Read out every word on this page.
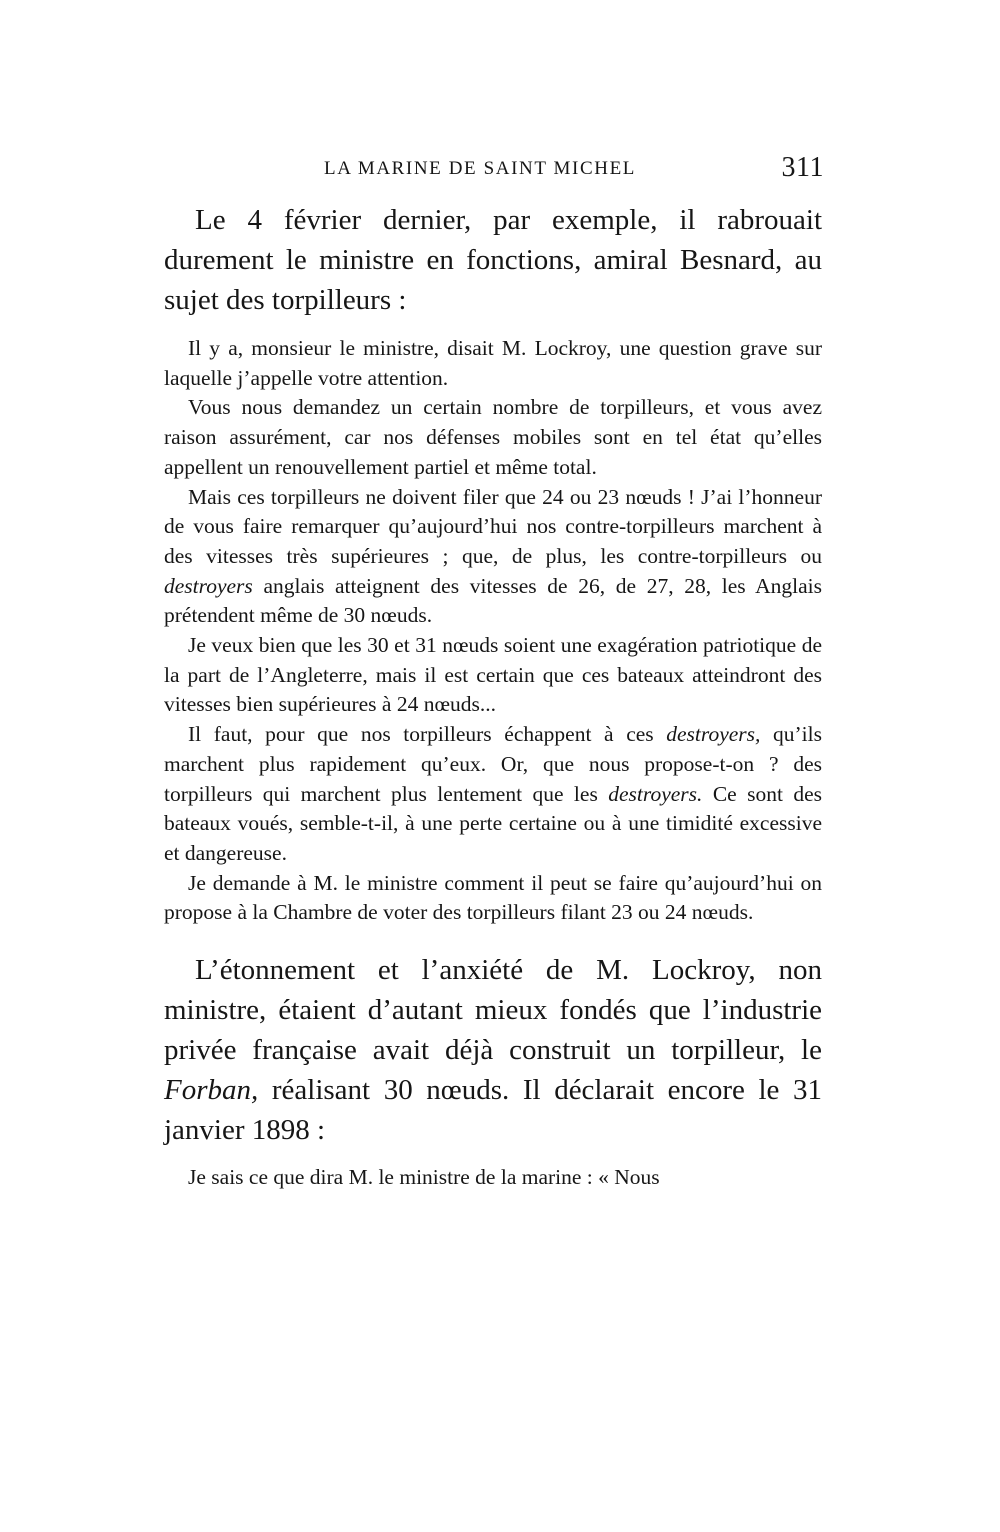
LA MARINE DE SAINT MICHEL	311

Le 4 février dernier, par exemple, il rabrouait durement le ministre en fonctions, amiral Besnard, au sujet des torpilleurs :

Il y a, monsieur le ministre, disait M. Lockroy, une question grave sur laquelle j’appelle votre attention.

Vous nous demandez un certain nombre de torpilleurs, et vous avez raison assurément, car nos défenses mobiles sont en tel état qu’elles appellent un renouvellement partiel et même total.

Mais ces torpilleurs ne doivent filer que 24 ou 23 nœuds ! J’ai l’honneur de vous faire remarquer qu’aujourd’hui nos contre-torpilleurs marchent à des vitesses très supérieures ; que, de plus, les contre-torpilleurs ou destroyers anglais atteignent des vitesses de 26, de 27, 28, les Anglais prétendent même de 30 nœuds.

Je veux bien que les 30 et 31 nœuds soient une exagération patriotique de la part de l’Angleterre, mais il est certain que ces bateaux atteindront des vitesses bien supérieures à 24 nœuds...

Il faut, pour que nos torpilleurs échappent à ces destroyers, qu’ils marchent plus rapidement qu’eux. Or, que nous propose-t-on ? des torpilleurs qui marchent plus lentement que les destroyers. Ce sont des bateaux voués, semble-t-il, à une perte certaine ou à une timidité excessive et dangereuse.

Je demande à M. le ministre comment il peut se faire qu’aujourd’hui on propose à la Chambre de voter des torpilleurs filant 23 ou 24 nœuds.

L’étonnement et l’anxiété de M. Lockroy, non ministre, étaient d’autant mieux fondés que l’industrie privée française avait déjà construit un torpilleur, le Forban, réalisant 30 nœuds. Il déclarait encore le 31 janvier 1898 :

Je sais ce que dira M. le ministre de la marine : « Nous
